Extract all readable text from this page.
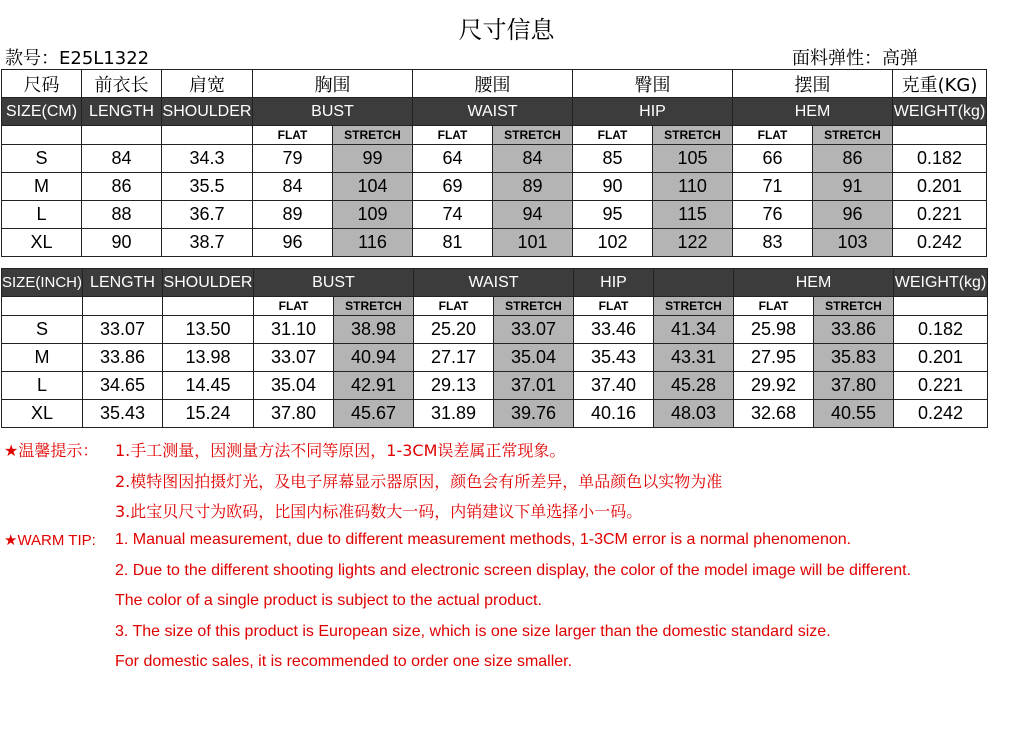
尺寸信息
款号：E25L1322	面料弹性：高弹
尺码	前衣长	肩宽	胸围		腰围		臀围		摆围		克重(KG)
SIZE(CM)	LENGTH	SHOULDER	BUST		WAIST		HIP		HEM		WEIGHT(kg)
			FLAT	STRETCH	FLAT	STRETCH	FLAT	STRETCH	FLAT	STRETCH	
S	84	34.3	79	99	64	84	85	105	66	86	0.182
M	86	35.5	84	104	69	89	90	110	71	91	0.201
L	88	36.7	89	109	74	94	95	115	76	96	0.221
XL	90	38.7	96	116	81	101	102	122	83	103	0.242
SIZE(INCH)	LENGTH	SHOULDER	BUST		WAIST		HIP		HEM		WEIGHT(kg)
			FLAT	STRETCH	FLAT	STRETCH	FLAT	STRETCH	FLAT	STRETCH	
S	33.07	13.50	31.10	38.98	25.20	33.07	33.46	41.34	25.98	33.86	0.182
M	33.86	13.98	33.07	40.94	27.17	35.04	35.43	43.31	27.95	35.83	0.201
L	34.65	14.45	35.04	42.91	29.13	37.01	37.40	45.28	29.92	37.80	0.221
XL	35.43	15.24	37.80	45.67	31.89	39.76	40.16	48.03	32.68	40.55	0.242
★温馨提示： 1.手工测量，因测量方法不同等原因，1-3CM误差属正常现象。
2.模特图因拍摄灯光，及电子屏幕显示器原因，颜色会有所差异，单品颜色以实物为准
3.此宝贝尺寸为欧码，比国内标准码数大一码，内销建议下单选择小一码。
★WARM TIP: 1. Manual measurement, due to different measurement methods, 1-3CM error is a normal phenomenon.
2. Due to the different shooting lights and electronic screen display, the color of the model image will be different.
The color of a single product is subject to the actual product.
3. The size of this product is European size, which is one size larger than the domestic standard size.
For domestic sales, it is recommended to order one size smaller.
